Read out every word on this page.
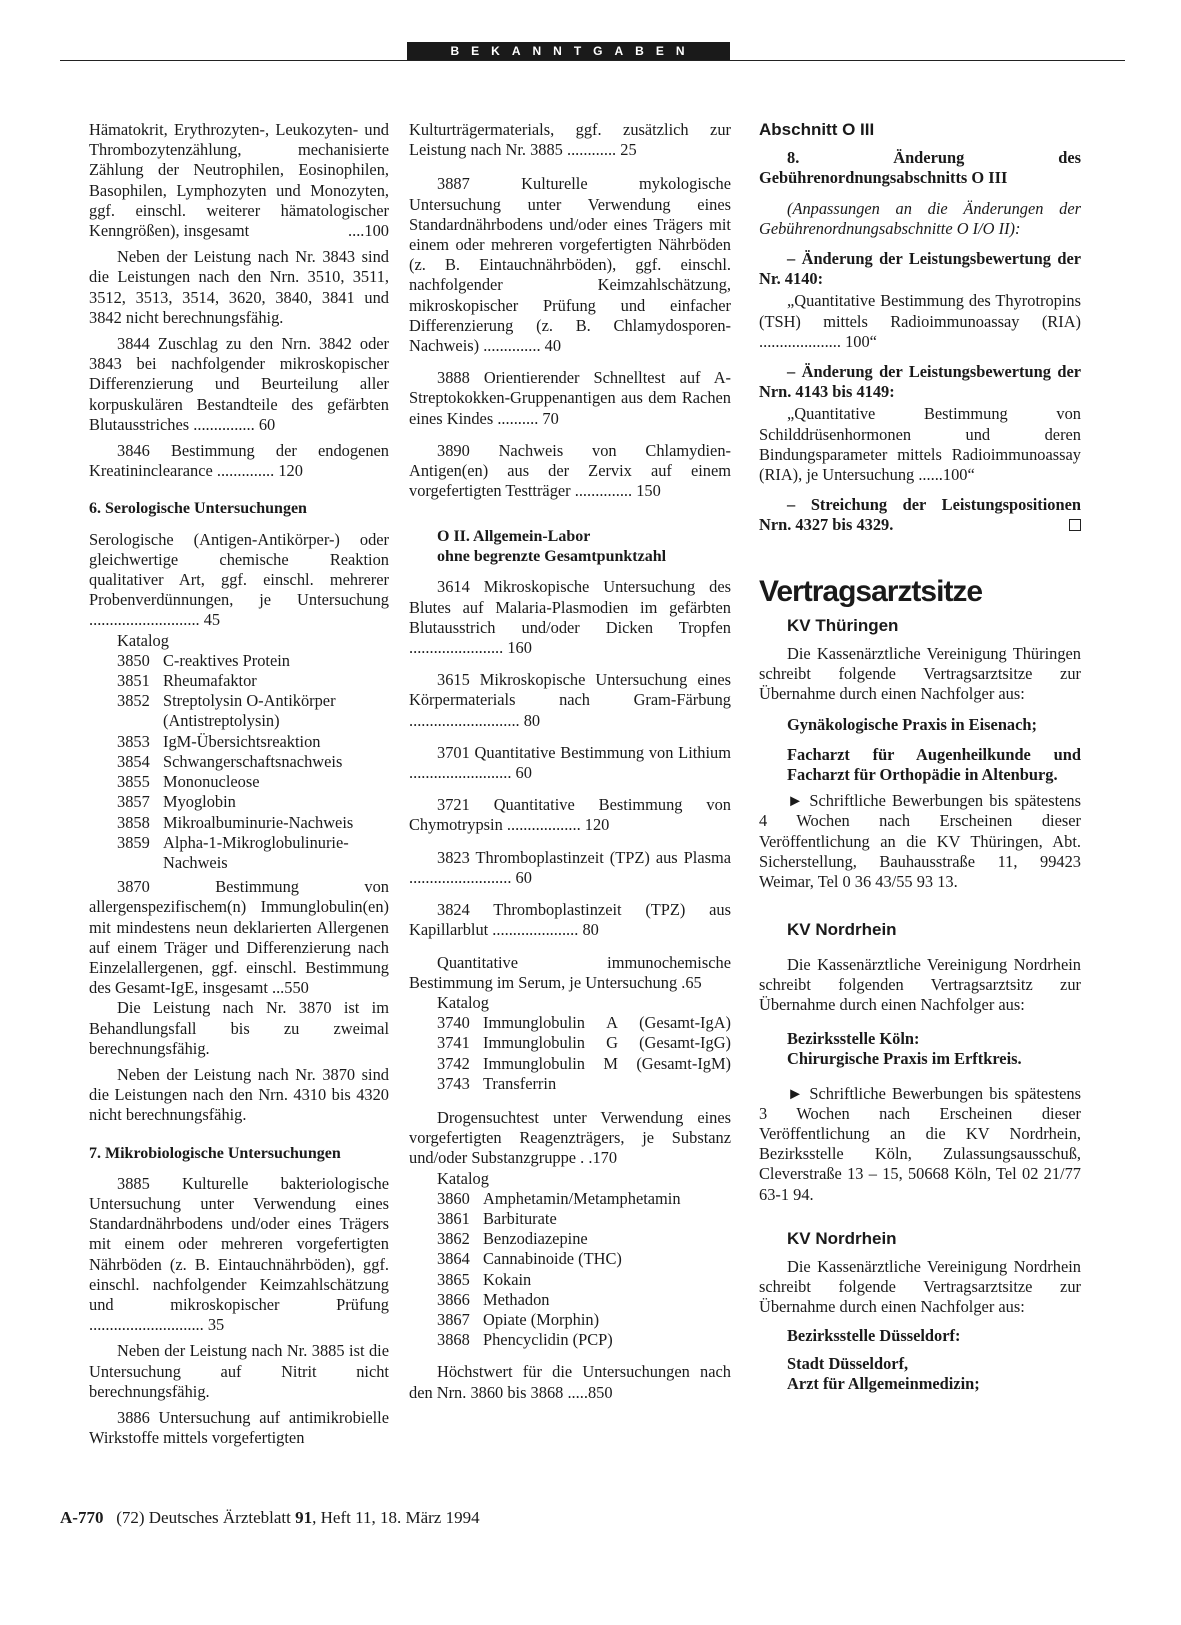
BEKANNTGABEN
Hämatokrit, Erythrozyten-, Leukozyten- und Thrombozytenzählung, mechanisierte Zählung der Neutrophilen, Eosinophilen, Basophilen, Lymphozyten und Monozyten, ggf. einschl. weiterer hämatologischer Kenngrößen), insgesamt	....100

Neben der Leistung nach Nr. 3843 sind die Leistungen nach den Nrn. 3510, 3511, 3512, 3513, 3514, 3620, 3840, 3841 und 3842 nicht berechnungsfähig.

3844 Zuschlag zu den Nrn. 3842 oder 3843 bei nachfolgender mikroskopischer Differenzierung und Beurteilung aller korpuskulären Bestandteile des gefärbten Blutausstriches ............... 60
3846 Bestimmung der endogenen Kreatininclearance .............. 120
6. Serologische Untersuchungen
Serologische (Antigen-Antikörper-) oder gleichwertige chemische Reaktion qualitativer Art, ggf. einschl. mehrerer Probenverdünnungen, je Untersuchung ........................... 45

Katalog

3850 C-reaktives Protein
3851 Rheumafaktor
3852 Streptolysin O-Antikörper (Antistreptolysin)
3853 IgM-Übersichtsreaktion
3854 Schwangerschaftsnachweis
3855 Mononucleose
3857 Myoglobin
3858 Mikroalbuminurie-Nachweis
3859 Alpha-1-Mikroglobulinurie-Nachweis
3870 Bestimmung von allergenspezifischem(n) Immunglobulin(en) mit mindestens neun deklarierten Allergenen auf einem Träger und Differenzierung nach Einzelallergenen, ggf. einschl. Bestimmung des Gesamt-IgE, insgesamt ...550

Die Leistung nach Nr. 3870 ist im Behandlungsfall bis zu zweimal berechnungsfähig.

Neben der Leistung nach Nr. 3870 sind die Leistungen nach den Nrn. 4310 bis 4320 nicht berechnungsfähig.

7. Mikrobiologische Untersuchungen
3885 Kulturelle bakteriologische Untersuchung unter Verwendung eines Standardnährbodens und/oder eines Trägers mit einem oder mehreren vorgefertigten Nährböden (z. B. Eintauchnährböden), ggf. einschl. nachfolgender Keimzahlschätzung und mikroskopischer Prüfung ............................ 35

Neben der Leistung nach Nr. 3885 ist die Untersuchung auf Nitrit nicht berechnungsfähig.

3886 Untersuchung auf antimikrobielle Wirkstoffe mittels vorgefertigten

Kulturträgermaterials, ggf. zusätzlich zur Leistung nach Nr. 3885 ............ 25
3887 Kulturelle mykologische Untersuchung unter Verwendung eines Standardnährbodens und/oder eines Trägers mit einem oder mehreren vorgefertigten Nährböden (z. B. Eintauchnährböden), ggf. einschl. nachfolgender Keimzahlschätzung, mikroskopischer Prüfung und einfacher Differenzierung (z. B. Chlamydosporen-Nachweis) .............. 40
3888 Orientierender Schnelltest auf A-Streptokokken-Gruppenantigen aus dem Rachen eines Kindes .......... 70
3890 Nachweis von Chlamydien-Antigen(en) aus der Zervix auf einem vorgefertigten Testträger .............. 150
O II. Allgemein-Labor
ohne begrenzte Gesamtpunktzahl
3614 Mikroskopische Untersuchung des Blutes auf Malaria-Plasmodien im gefärbten Blutausstrich und/oder Dicken Tropfen ....................... 160
3615 Mikroskopische Untersuchung eines Körpermaterials nach Gram-Färbung ........................... 80
3701 Quantitative Bestimmung von Lithium ......................... 60
3721 Quantitative Bestimmung von Chymotrypsin .................. 120
3823 Thromboplastinzeit (TPZ) aus Plasma ......................... 60
3824 Thromboplastinzeit (TPZ) aus Kapillarblut ..................... 80
Quantitative immunochemische Bestimmung im Serum, je Untersuchung .65

Katalog

3740 Immunglobulin A (Gesamt-IgA)
3741 Immunglobulin G (Gesamt-IgG)
3742 Immunglobulin M (Gesamt-IgM)
3743 Transferrin
Drogensuchtest unter Verwendung eines vorgefertigten Reagenzträgers, je Substanz und/oder Substanzgruppe . .170

Katalog

3860 Amphetamin/Metamphetamin
3861 Barbiturate
3862 Benzodiazepine
3864 Cannabinoide (THC)
3865 Kokain
3866 Methadon
3867 Opiate (Morphin)
3868 Phencyclidin (PCP)
Höchstwert für die Untersuchungen nach den Nrn. 3860 bis 3868 .....850
Abschnitt O III

8. Änderung des Gebührenordnungsabschnitts O III

(Anpassungen an die Änderungen der Gebührenordnungsabschnitte O I/O II):

– Änderung der Leistungsbewertung der Nr. 4140:

„Quantitative Bestimmung des Thyrotropins (TSH) mittels Radioimmunoassay (RIA) .................... 100“

– Änderung der Leistungsbewertung der Nrn. 4143 bis 4149:

„Quantitative Bestimmung von Schilddrüsenhormonen und deren Bindungsparameter mittels Radioimmunoassay (RIA), je Untersuchung ......100“

– Streichung der Leistungspositionen Nrn. 4327 bis 4329.

Vertragsarztsitze
KV Thüringen

Die Kassenärztliche Vereinigung Thüringen schreibt folgende Vertragsarztsitze zur Übernahme durch einen Nachfolger aus:

Gynäkologische Praxis in Eisenach;

Facharzt für Augenheilkunde und Facharzt für Orthopädie in Altenburg.

► Schriftliche Bewerbungen bis spätestens 4 Wochen nach Erscheinen dieser Veröffentlichung an die KV Thüringen, Abt. Sicherstellung, Bauhausstraße 11, 99423 Weimar, Tel 0 36 43/55 93 13.

KV Nordrhein

Die Kassenärztliche Vereinigung Nordrhein schreibt folgenden Vertragsarztsitz zur Übernahme durch einen Nachfolger aus:

Bezirksstelle Köln:

Chirurgische Praxis im Erftkreis.

► Schriftliche Bewerbungen bis spätestens 3 Wochen nach Erscheinen dieser Veröffentlichung an die KV Nordrhein, Bezirksstelle Köln, Zulassungsausschuß, Cleverstraße 13 – 15, 50668 Köln, Tel 02 21/77 63-1 94.

KV Nordrhein

Die Kassenärztliche Vereinigung Nordrhein schreibt folgende Vertragsarztsitze zur Übernahme durch einen Nachfolger aus:

Bezirksstelle Düsseldorf:

Stadt Düsseldorf,

Arzt für Allgemeinmedizin;

A-770 (72) Deutsches Ärzteblatt 91, Heft 11, 18. März 1994
